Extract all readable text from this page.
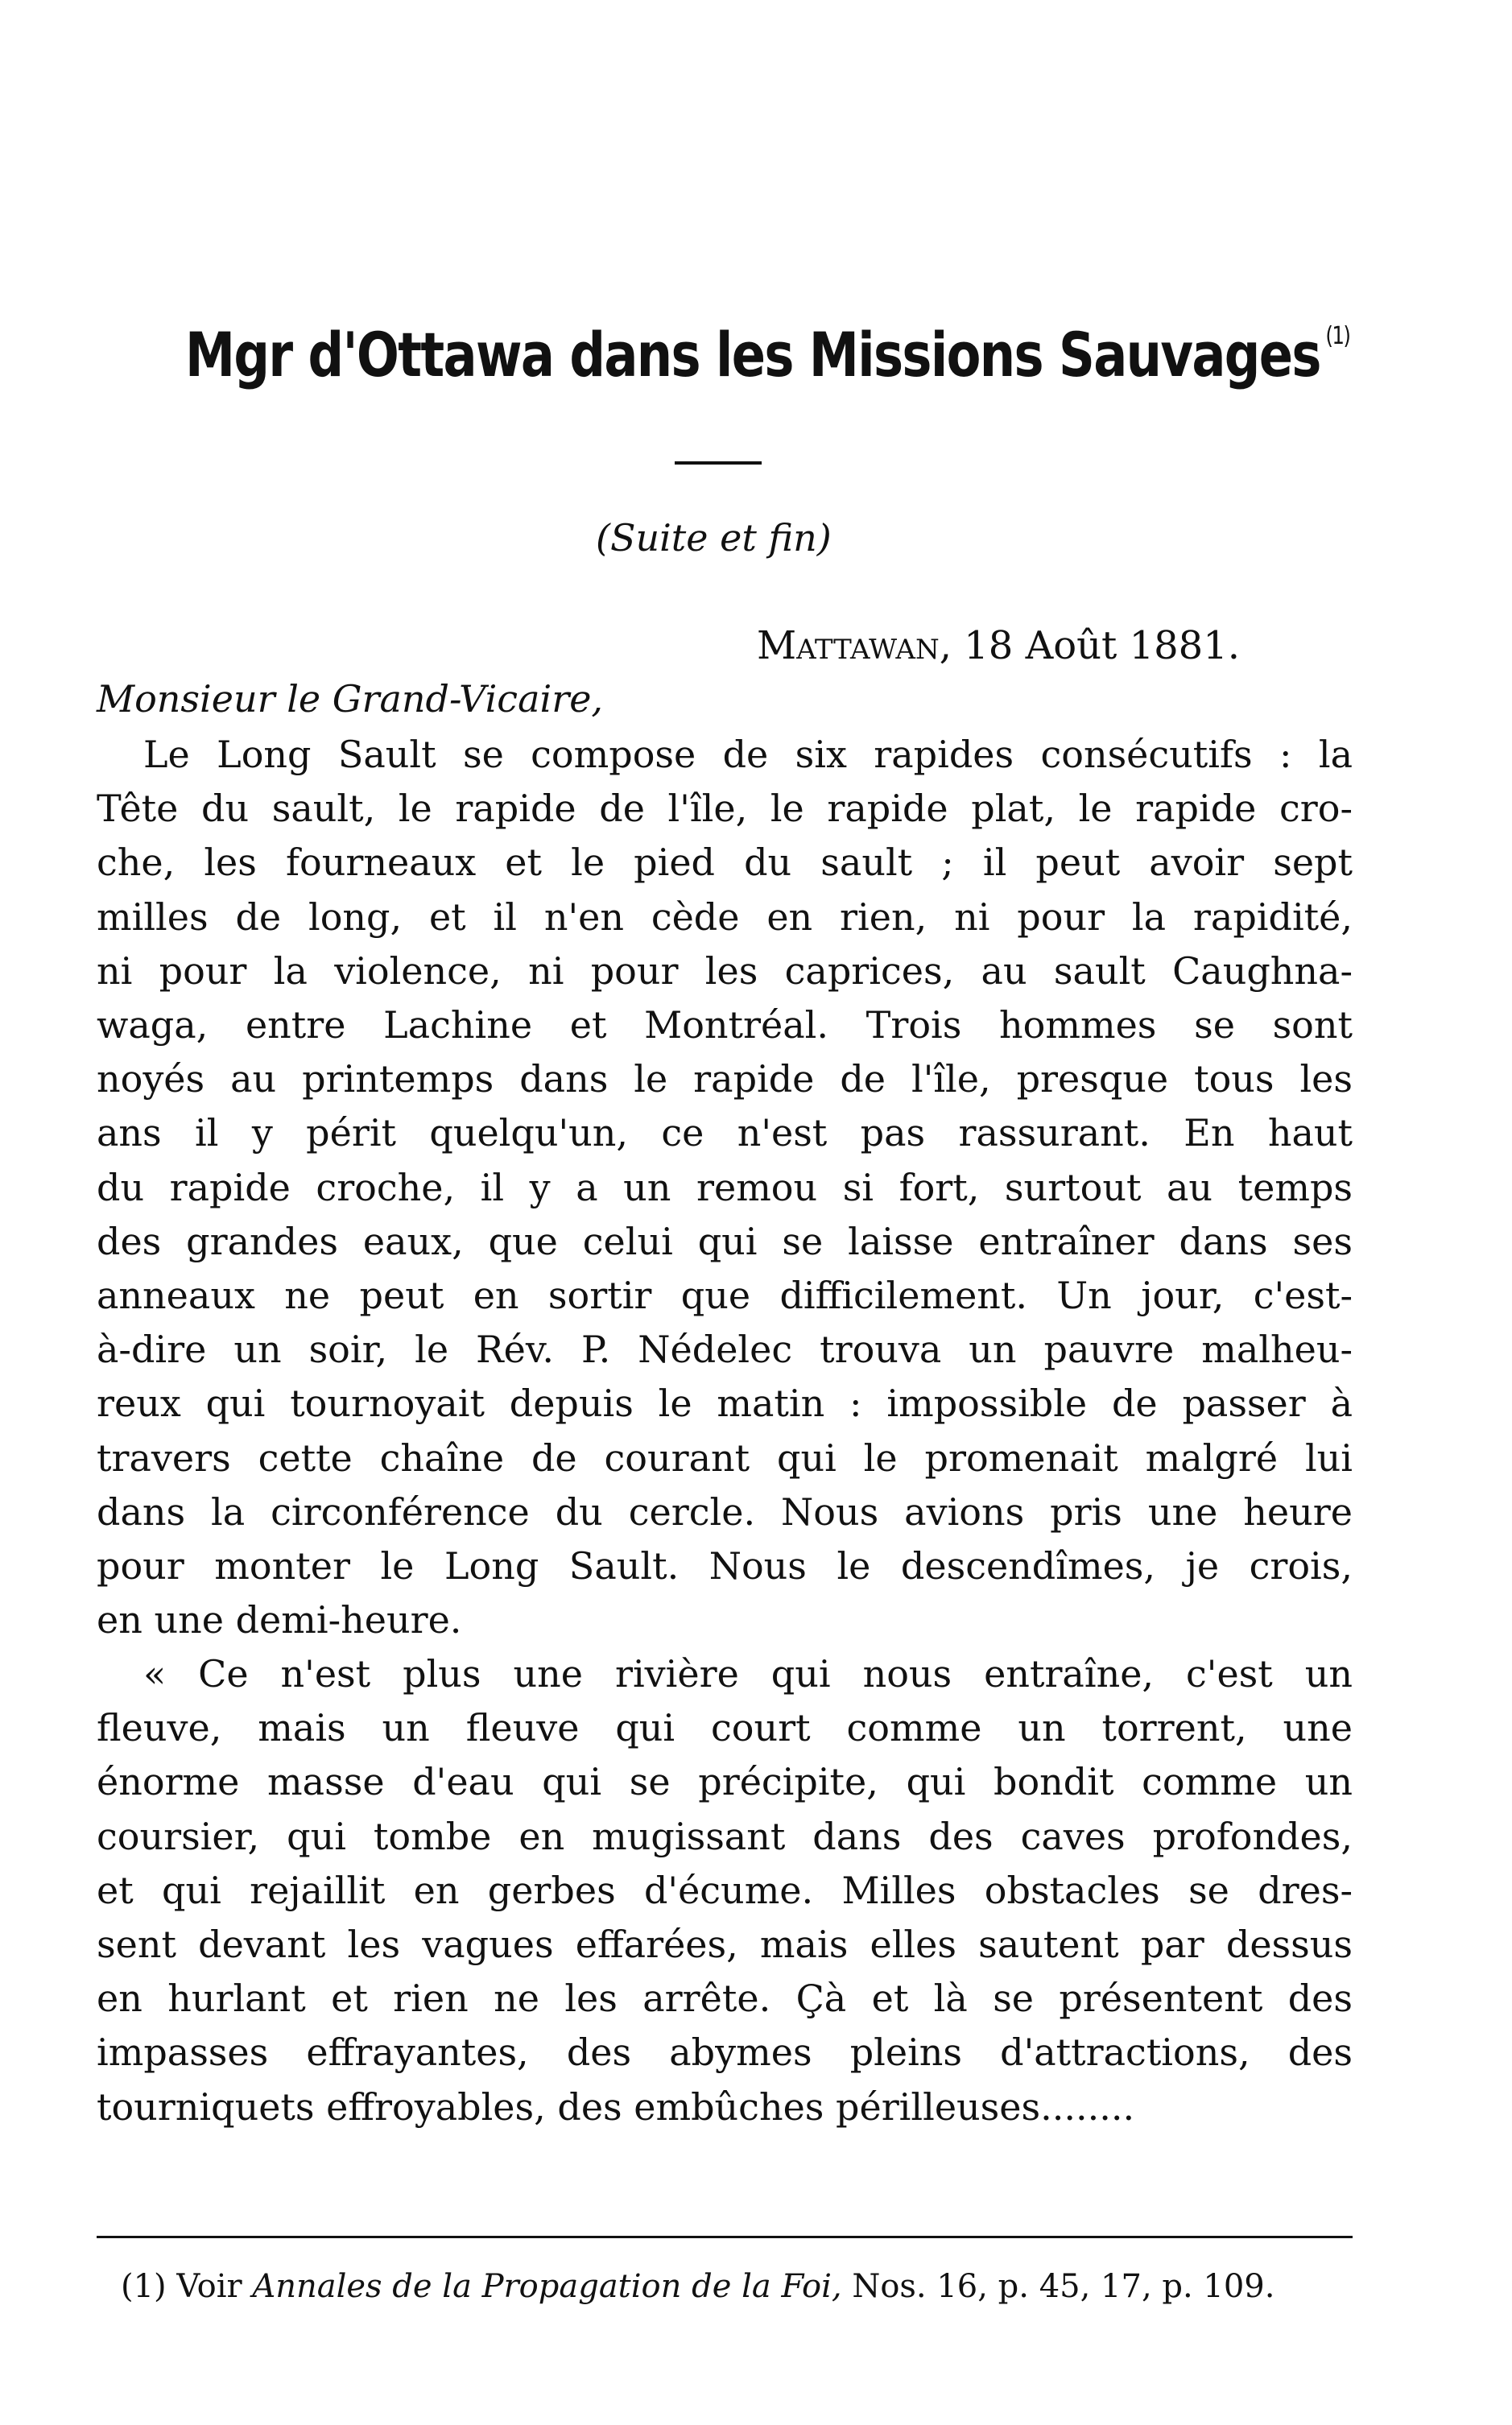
Mgr d'Ottawa dans les Missions Sauvages $^{(1)}$
(Suite et fin)
Mattawan, 18 Août 1881.
Monsieur le Grand-Vicaire,
Le Long Sault se compose de six rapides consécutifs : la
Tête du sault, le rapide de l'île, le rapide plat, le rapide cro-
che, les fourneaux et le pied du sault ; il peut avoir sept
milles de long, et il n'en cède en rien, ni pour la rapidité,
ni pour la violence, ni pour les caprices, au sault Caughna-
waga, entre Lachine et Montréal. Trois hommes se sont
noyés au printemps dans le rapide de l'île, presque tous les
ans il y périt quelqu'un, ce n'est pas rassurant. En haut
du rapide croche, il y a un remou si fort, surtout au temps
des grandes eaux, que celui qui se laisse entraîner dans ses
anneaux ne peut en sortir que difficilement. Un jour, c'est-
à-dire un soir, le Rév. P. Nédelec trouva un pauvre malheu-
reux qui tournoyait depuis le matin : impossible de passer à
travers cette chaîne de courant qui le promenait malgré lui
dans la circonférence du cercle. Nous avions pris une heure
pour monter le Long Sault. Nous le descendîmes, je crois,
en une demi-heure.
« Ce n'est plus une rivière qui nous entraîne, c'est un
fleuve, mais un fleuve qui court comme un torrent, une
énorme masse d'eau qui se précipite, qui bondit comme un
coursier, qui tombe en mugissant dans des caves profondes,
et qui rejaillit en gerbes d'écume. Milles obstacles se dres-
sent devant les vagues effarées, mais elles sautent par dessus
en hurlant et rien ne les arrête. Çà et là se présentent des
impasses effrayantes, des abymes pleins d'attractions, des
tourniquets effroyables, des embûches périlleuses........
(1) Voir Annales de la Propagation de la Foi, Nos. 16, p. 45, 17, p. 109.
